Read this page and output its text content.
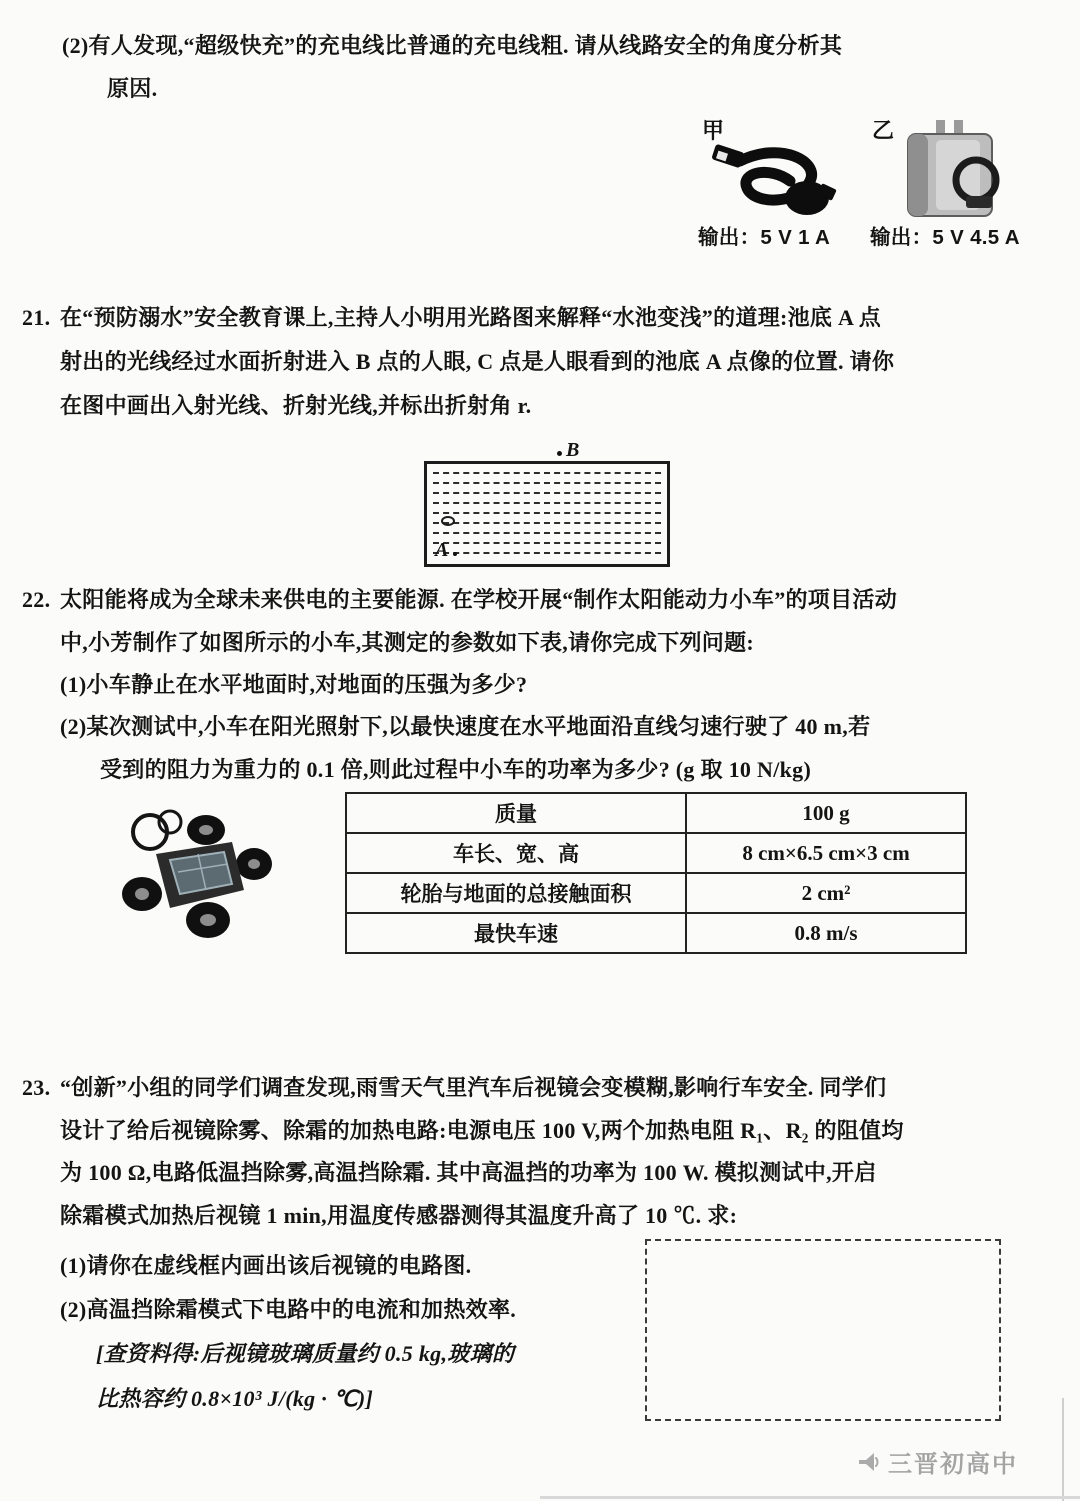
(2)有人发现,“超级快充”的充电线比普通的充电线粗. 请从线路安全的角度分析其
原因.
甲	乙
输出：5 V 1 A 输出：5 V 4.5 A
21. 在“预防溺水”安全教育课上,主持人小明用光路图来解释“水池变浅”的道理:池底 A 点
射出的光线经过水面折射进入 B 点的人眼, C 点是人眼看到的池底 A 点像的位置. 请你
在图中画出入射光线、折射光线,并标出折射角 r.
B
A
22. 太阳能将成为全球未来供电的主要能源. 在学校开展“制作太阳能动力小车”的项目活动
中,小芳制作了如图所示的小车,其测定的参数如下表,请你完成下列问题:
(1)小车静止在水平地面时,对地面的压强为多少?
(2)某次测试中,小车在阳光照射下,以最快速度在水平地面沿直线匀速行驶了 40 m,若
受到的阻力为重力的 0.1 倍,则此过程中小车的功率为多少? (g 取 10 N/kg)
质量	100 g
车长、宽、高	8 cm×6.5 cm×3 cm
轮胎与地面的总接触面积	2 cm²
最快车速	0.8 m/s
23. “创新”小组的同学们调查发现,雨雪天气里汽车后视镜会变模糊,影响行车安全. 同学们
设计了给后视镜除雾、除霜的加热电路:电源电压 100 V,两个加热电阻 R₁、R₂ 的阻值均
为 100 Ω,电路低温挡除雾,高温挡除霜. 其中高温挡的功率为 100 W. 模拟测试中,开启
除霜模式加热后视镜 1 min,用温度传感器测得其温度升高了 10 ℃. 求:
(1)请你在虚线框内画出该后视镜的电路图.
(2)高温挡除霜模式下电路中的电流和加热效率.
[查资料得:后视镜玻璃质量约 0.5 kg,玻璃的
比热容约 0.8×10³ J/(kg · ℃)]
三晋初高中
